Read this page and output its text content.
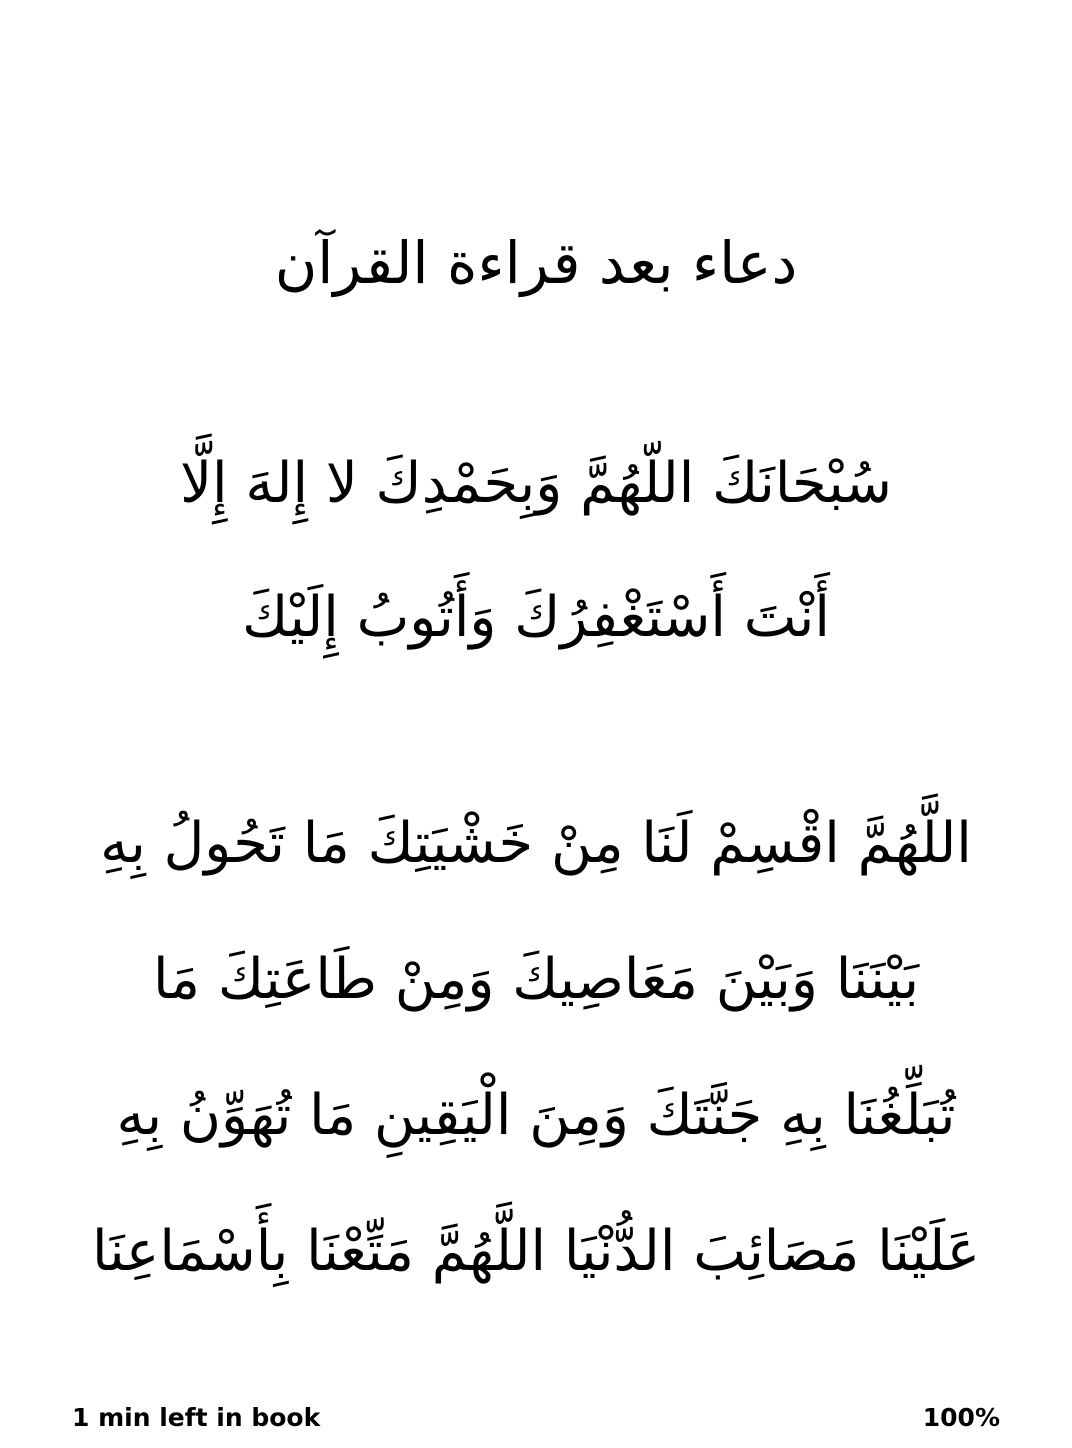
دعاء بعد قراءة القرآن
سُبْحَانَكَ اللّهُمَّ وَبِحَمْدِكَ لا إِلهَ إِلَّا
أَنْتَ أَسْتَغْفِرُكَ وَأَتُوبُ إِلَيْكَ
اللَّهُمَّ اقْسِمْ لَنَا مِنْ خَشْيَتِكَ مَا تَحُولُ بِهِ
بَيْنَنَا وَبَيْنَ مَعَاصِيكَ وَمِنْ طَاعَتِكَ مَا
تُبَلِّغُنَا بِهِ جَنَّتَكَ وَمِنَ الْيَقِينِ مَا تُهَوِّنُ بِهِ
عَلَيْنَا مَصَائِبَ الدُّنْيَا اللَّهُمَّ مَتِّعْنَا بِأَسْمَاعِنَا
1 min left in book	100%
